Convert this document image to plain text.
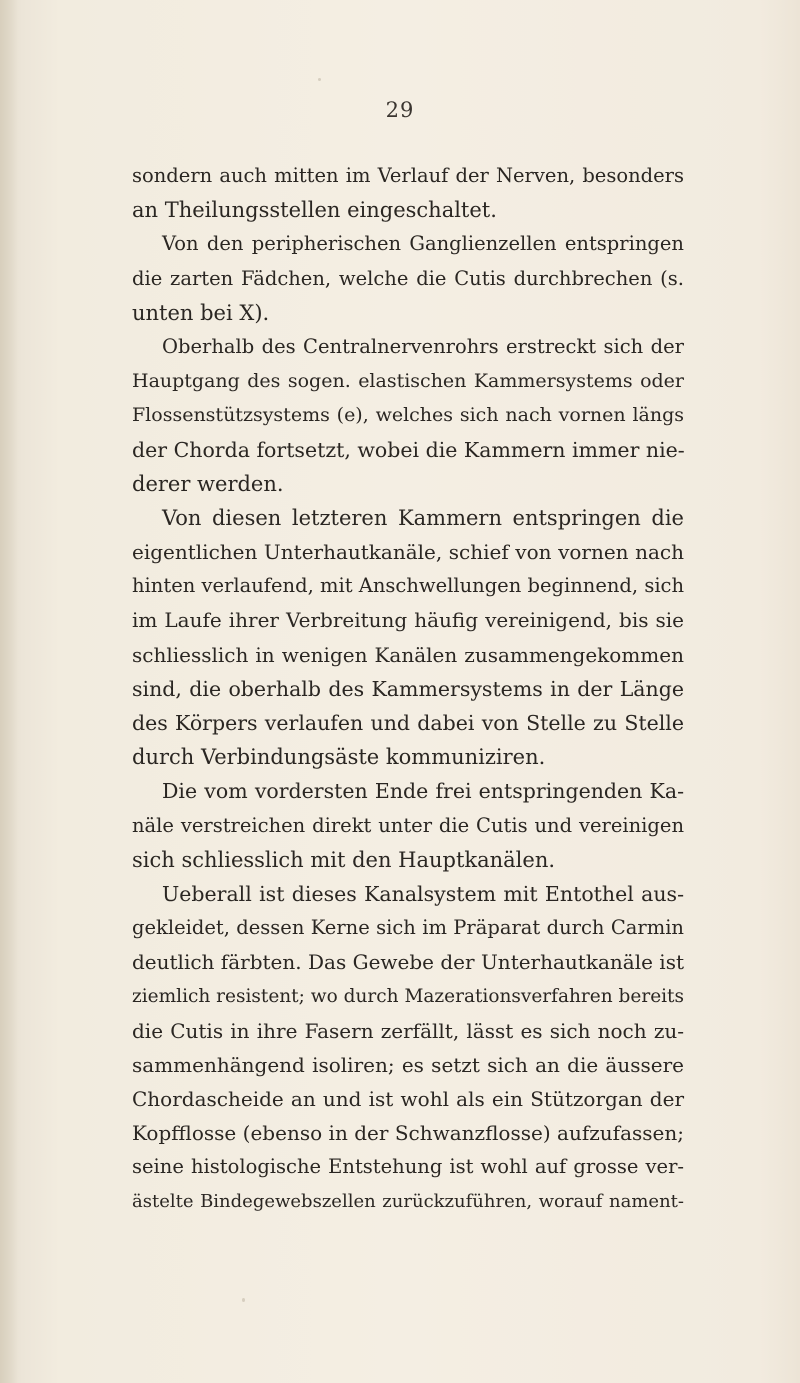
29
sondern auch mitten im Verlauf der Nerven, besonders
an Theilungsstellen eingeschaltet.
Von den peripherischen Ganglienzellen entspringen
die zarten Fädchen, welche die Cutis durchbrechen (s.
unten bei X).
Oberhalb des Centralnervenrohrs erstreckt sich der
Hauptgang des sogen. elastischen Kammersystems oder
Flossenstützsystems (e), welches sich nach vornen längs
der Chorda fortsetzt, wobei die Kammern immer nie-
derer werden.
Von diesen letzteren Kammern entspringen die
eigentlichen Unterhautkanäle, schief von vornen nach
hinten verlaufend, mit Anschwellungen beginnend, sich
im Laufe ihrer Verbreitung häufig vereinigend, bis sie
schliesslich in wenigen Kanälen zusammengekommen
sind, die oberhalb des Kammersystems in der Länge
des Körpers verlaufen und dabei von Stelle zu Stelle
durch Verbindungsäste kommuniziren.
Die vom vordersten Ende frei entspringenden Ka-
näle verstreichen direkt unter die Cutis und vereinigen
sich schliesslich mit den Hauptkanälen.
Ueberall ist dieses Kanalsystem mit Entothel aus-
gekleidet, dessen Kerne sich im Präparat durch Carmin
deutlich färbten. Das Gewebe der Unterhautkanäle ist
ziemlich resistent; wo durch Mazerationsverfahren bereits
die Cutis in ihre Fasern zerfällt, lässt es sich noch zu-
sammenhängend isoliren; es setzt sich an die äussere
Chordascheide an und ist wohl als ein Stützorgan der
Kopfflosse (ebenso in der Schwanzflosse) aufzufassen;
seine histologische Entstehung ist wohl auf grosse ver-
ästelte Bindegewebszellen zurückzuführen, worauf nament-
